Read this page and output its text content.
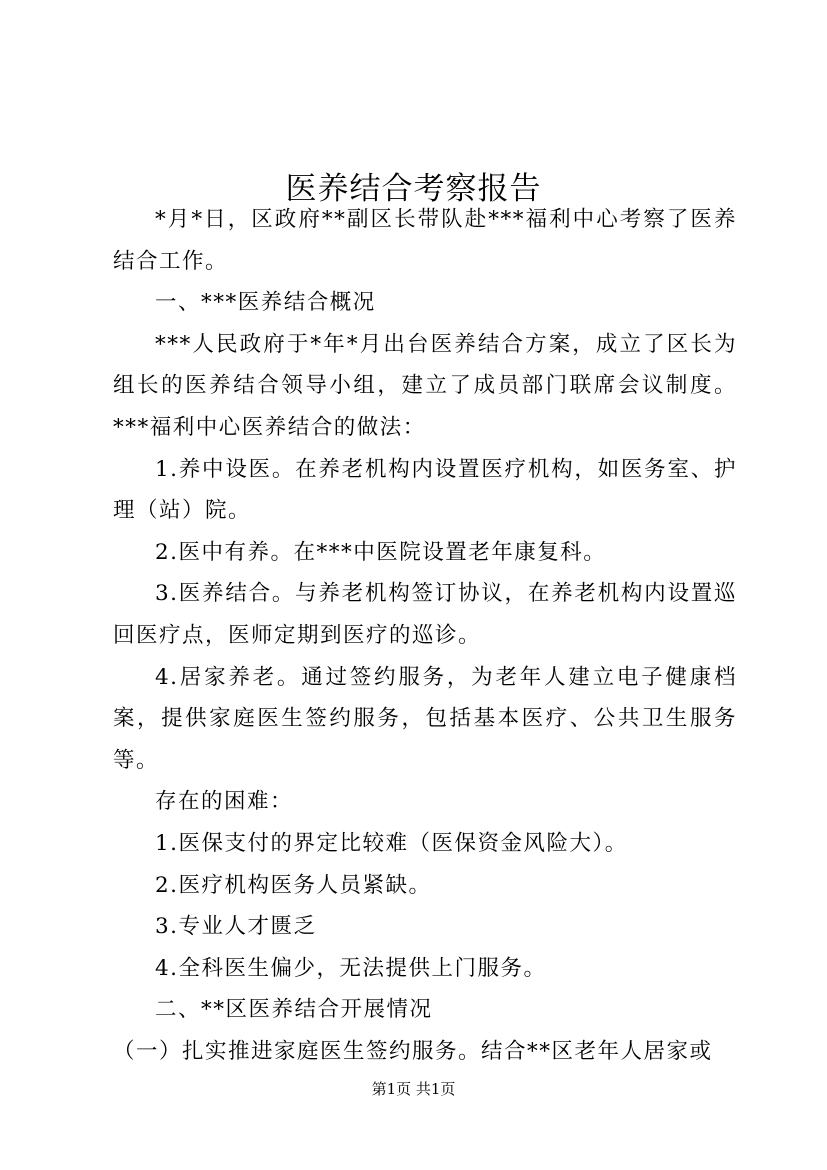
医养结合考察报告

*月*日，区政府**副区长带队赴***福利中心考察了医养结合工作。

一、***医养结合概况

***人民政府于*年*月出台医养结合方案，成立了区长为组长的医养结合领导小组，建立了成员部门联席会议制度。***福利中心医养结合的做法：

1.养中设医。在养老机构内设置医疗机构，如医务室、护理（站）院。

2.医中有养。在***中医院设置老年康复科。

3.医养结合。与养老机构签订协议，在养老机构内设置巡回医疗点，医师定期到医疗的巡诊。

4.居家养老。通过签约服务，为老年人建立电子健康档案，提供家庭医生签约服务，包括基本医疗、公共卫生服务等。

存在的困难：

1.医保支付的界定比较难（医保资金风险大）。

2.医疗机构医务人员紧缺。

3.专业人才匮乏

4.全科医生偏少，无法提供上门服务。

二、**区医养结合开展情况

（一）扎实推进家庭医生签约服务。结合**区老年人居家或

第1页 共1页
